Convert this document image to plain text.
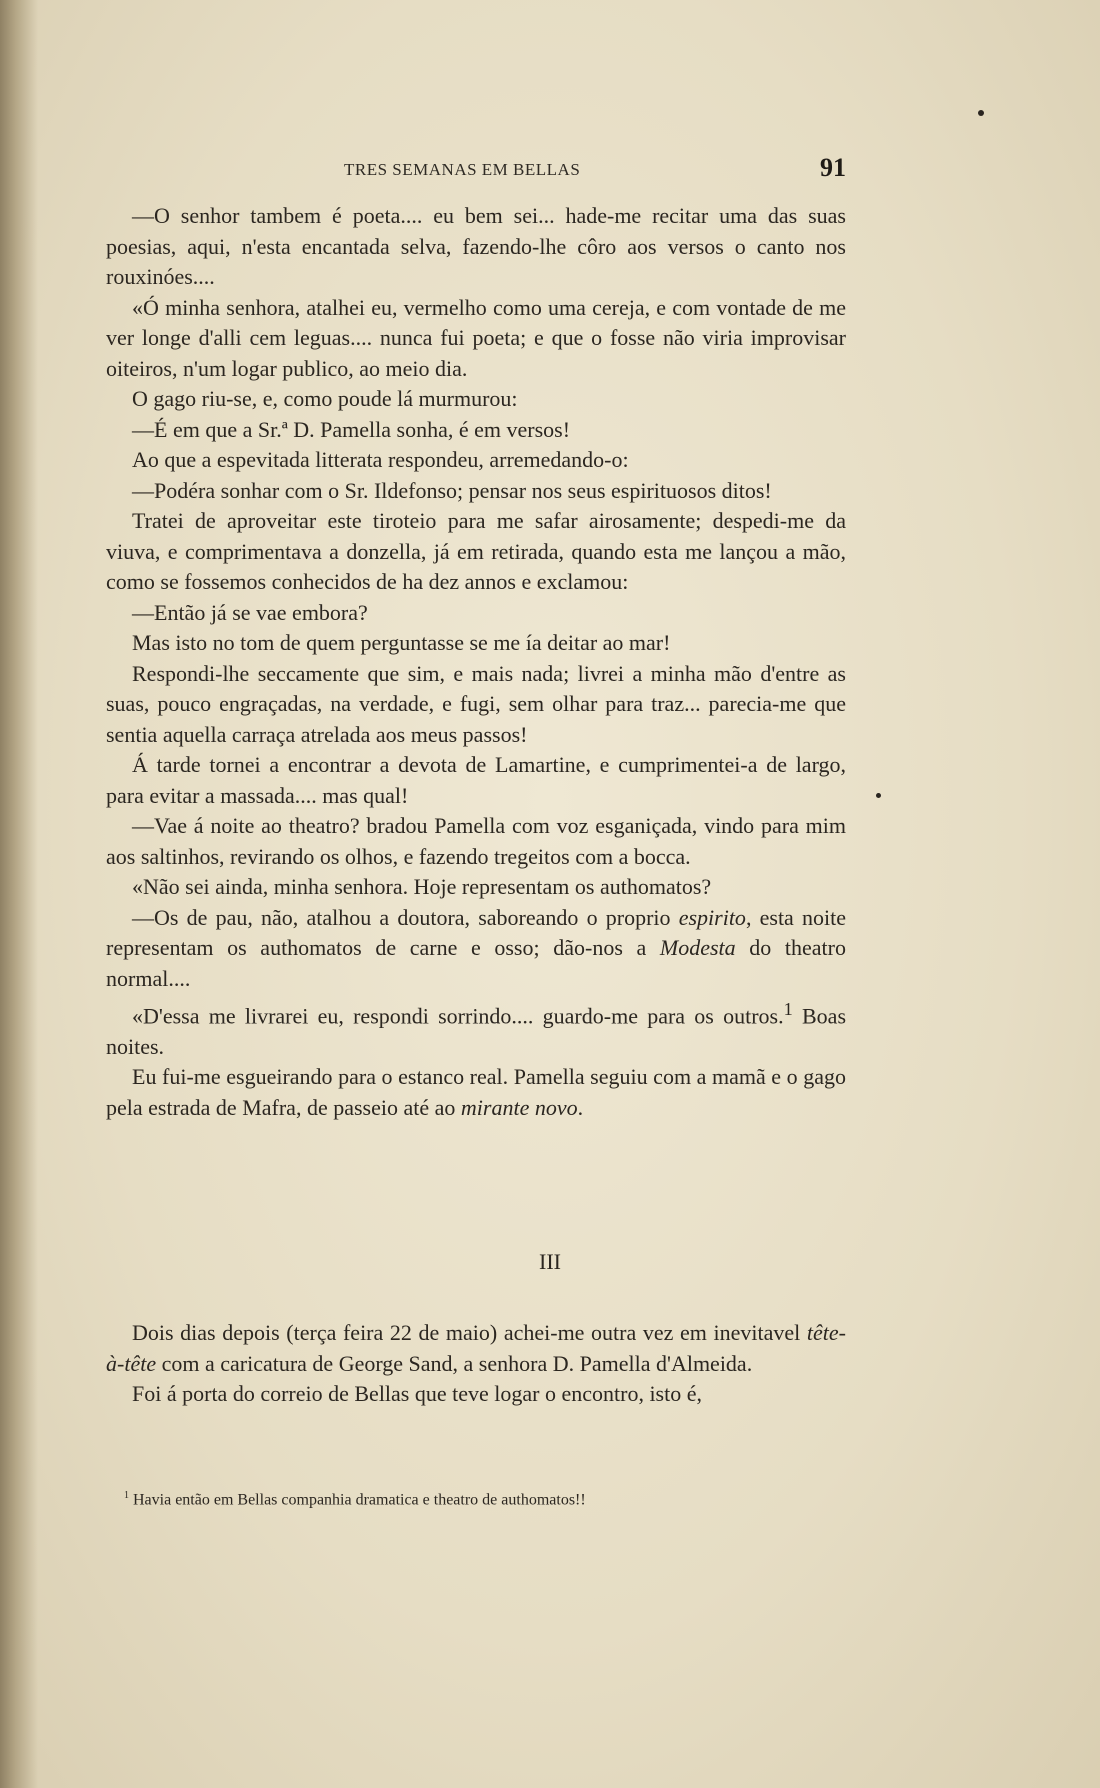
TRES SEMANAS EM BELLAS	91

—O senhor tambem é poeta.... eu bem sei... hade-me recitar uma das suas poesias, aqui, n'esta encantada selva, fazendo-lhe côro aos versos o canto nos rouxinóes....

«Ó minha senhora, atalhei eu, vermelho como uma cereja, e com vontade de me ver longe d'alli cem leguas.... nunca fui poeta; e que o fosse não viria improvisar oiteiros, n'um logar publico, ao meio dia.

O gago riu-se, e, como poude lá murmurou:

—É em que a Sr.ª D. Pamella sonha, é em versos!

Ao que a espevitada litterata respondeu, arremedando-o:

—Podéra sonhar com o Sr. Ildefonso; pensar nos seus espirituosos ditos!

Tratei de aproveitar este tiroteio para me safar airosamente; despedi-me da viuva, e comprimentava a donzella, já em retirada, quando esta me lançou a mão, como se fossemos conhecidos de ha dez annos e exclamou:

—Então já se vae embora?

Mas isto no tom de quem perguntasse se me ía deitar ao mar!

Respondi-lhe seccamente que sim, e mais nada; livrei a minha mão d'entre as suas, pouco engraçadas, na verdade, e fugi, sem olhar para traz... parecia-me que sentia aquella carraça atrelada aos meus passos!

Á tarde tornei a encontrar a devota de Lamartine, e cumprimentei-a de largo, para evitar a massada.... mas qual!

—Vae á noite ao theatro? bradou Pamella com voz esganiçada, vindo para mim aos saltinhos, revirando os olhos, e fazendo tregeitos com a bocca.

«Não sei ainda, minha senhora. Hoje representam os authomatos?

—Os de pau, não, atalhou a doutora, saboreando o proprio espirito, esta noite representam os authomatos de carne e osso; dão-nos a Modesta do theatro normal....

«D'essa me livrarei eu, respondi sorrindo.... guardo-me para os outros.$^1$ Boas noites.

Eu fui-me esgueirando para o estanco real. Pamella seguiu com a mamã e o gago pela estrada de Mafra, de passeio até ao mirante novo.

III

Dois dias depois (terça feira 22 de maio) achei-me outra vez em inevitavel tête-à-tête com a caricatura de George Sand, a senhora D. Pamella d'Almeida.

Foi á porta do correio de Bellas que teve logar o encontro, isto é,

$^1$ Havia então em Bellas companhia dramatica e theatro de authomatos!!
